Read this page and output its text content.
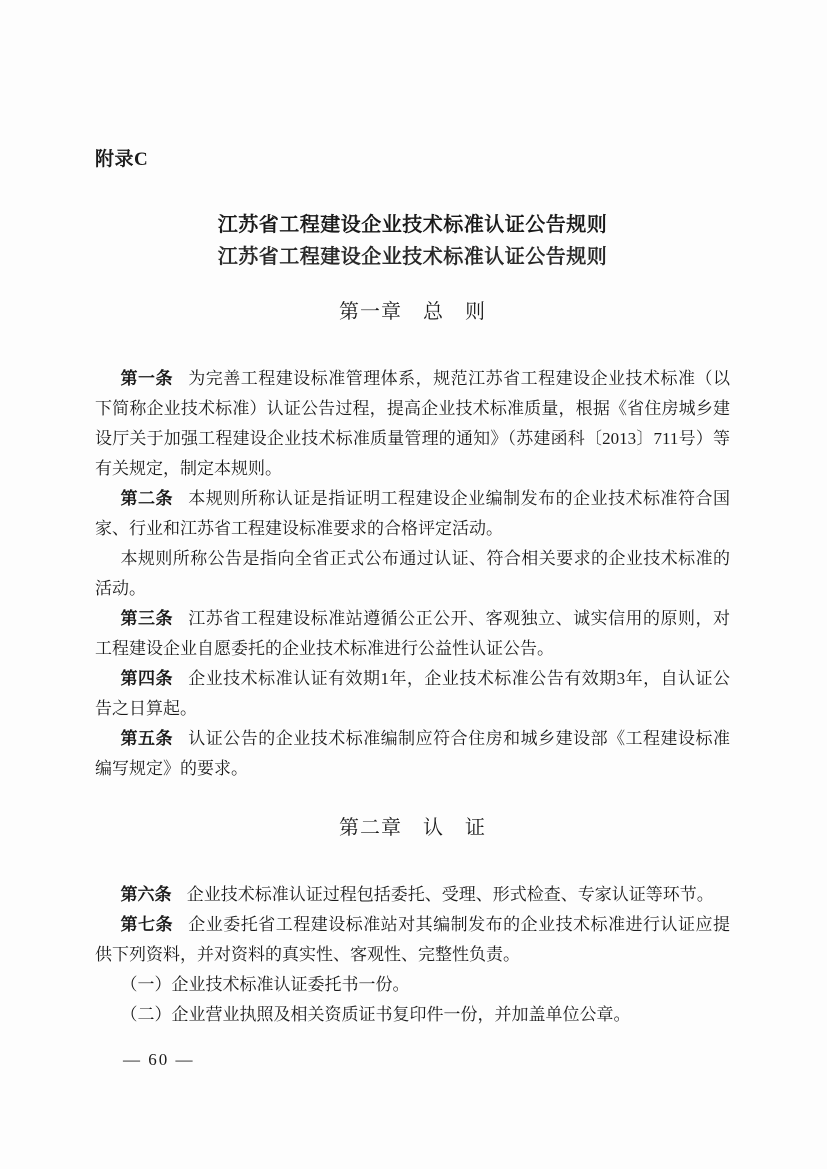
附录C
江苏省工程建设企业技术标准认证公告规则
江苏省工程建设企业技术标准认证公告规则
第一章　总　则

第一条 为完善工程建设标准管理体系，规范江苏省工程建设企业技术标准（以下简称企业技术标准）认证公告过程，提高企业技术标准质量，根据《省住房城乡建设厅关于加强工程建设企业技术标准质量管理的通知》（苏建函科〔2013〕711号）等有关规定，制定本规则。

第二条 本规则所称认证是指证明工程建设企业编制发布的企业技术标准符合国家、行业和江苏省工程建设标准要求的合格评定活动。

本规则所称公告是指向全省正式公布通过认证、符合相关要求的企业技术标准的活动。

第三条 江苏省工程建设标准站遵循公正公开、客观独立、诚实信用的原则，对工程建设企业自愿委托的企业技术标准进行公益性认证公告。

第四条 企业技术标准认证有效期1年，企业技术标准公告有效期3年，自认证公告之日算起。

第五条 认证公告的企业技术标准编制应符合住房和城乡建设部《工程建设标准编写规定》的要求。

第二章　认　证

第六条 企业技术标准认证过程包括委托、受理、形式检查、专家认证等环节。

第七条 企业委托省工程建设标准站对其编制发布的企业技术标准进行认证应提供下列资料，并对资料的真实性、客观性、完整性负责。

（一）企业技术标准认证委托书一份。

（二）企业营业执照及相关资质证书复印件一份，并加盖单位公章。

— 60 —
